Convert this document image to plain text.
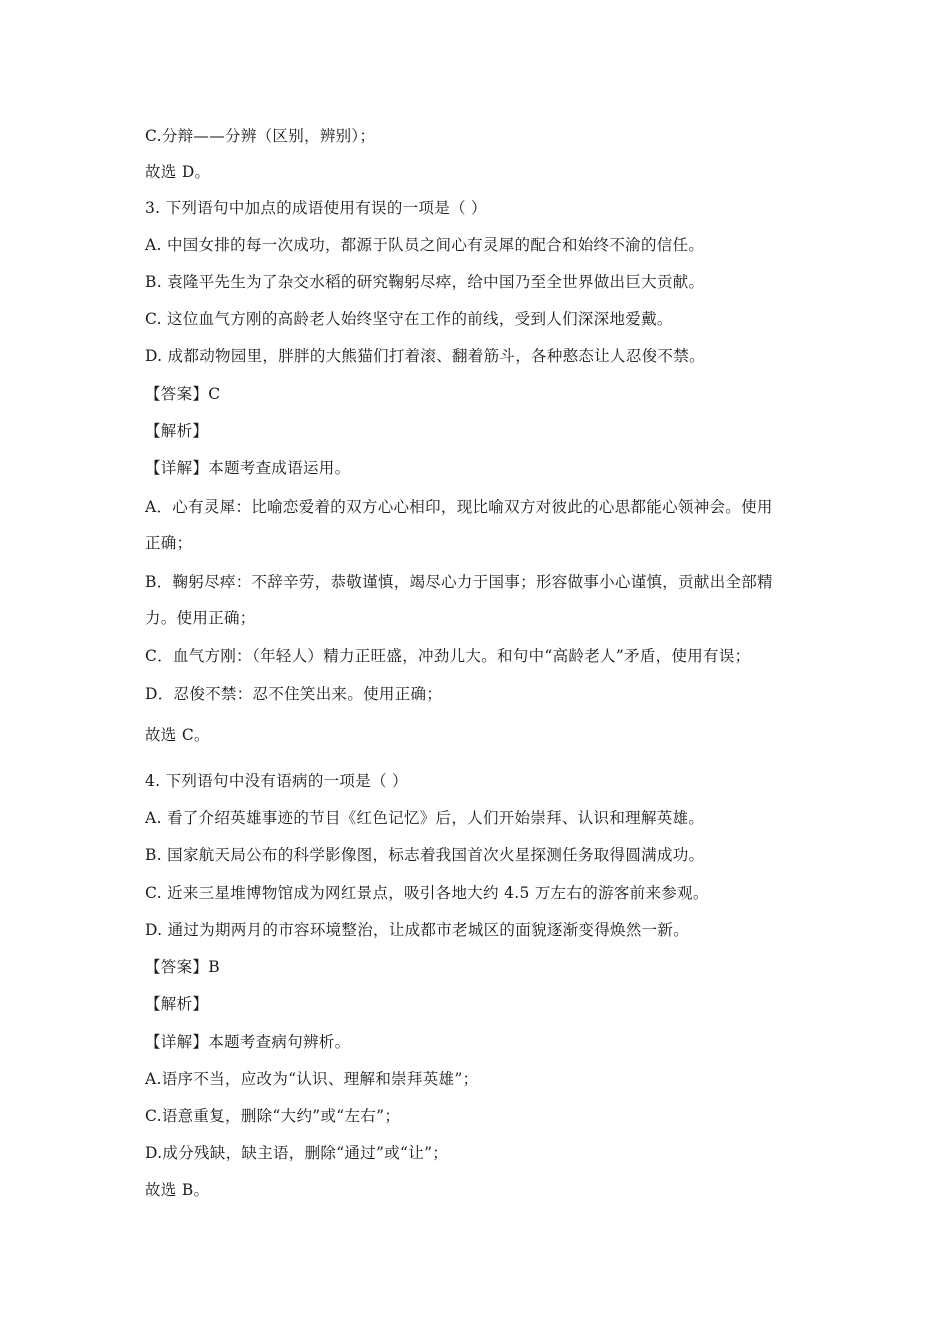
C.分辩——分辨（区别，辨别）；
故选 D。
3. 下列语句中加点的成语使用有误的一项是（ ）
A. 中国女排的每一次成功，都源于队员之间心有灵犀的配合和始终不渝的信任。
B. 袁隆平先生为了杂交水稻的研究鞠躬尽瘁，给中国乃至全世界做出巨大贡献。
C. 这位血气方刚的高龄老人始终坚守在工作的前线，受到人们深深地爱戴。
D. 成都动物园里，胖胖的大熊猫们打着滚、翻着筋斗，各种憨态让人忍俊不禁。
【答案】C
【解析】
【详解】本题考查成语运用。
A．心有灵犀：比喻恋爱着的双方心心相印，现比喻双方对彼此的心思都能心领神会。使用
正确；
B．鞠躬尽瘁：不辞辛劳，恭敬谨慎，竭尽心力于国事；形容做事小心谨慎，贡献出全部精
力。使用正确；
C．血气方刚：（年轻人）精力正旺盛，冲劲儿大。和句中“高龄老人”矛盾，使用有误；
D．忍俊不禁：忍不住笑出来。使用正确；
故选 C。
4. 下列语句中没有语病的一项是（ ）
A. 看了介绍英雄事迹的节目《红色记忆》后，人们开始崇拜、认识和理解英雄。
B. 国家航天局公布的科学影像图，标志着我国首次火星探测任务取得圆满成功。
C. 近来三星堆博物馆成为网红景点，吸引各地大约 4.5 万左右的游客前来参观。
D. 通过为期两月的市容环境整治，让成都市老城区的面貌逐渐变得焕然一新。
【答案】B
【解析】
【详解】本题考查病句辨析。
A.语序不当，应改为“认识、理解和崇拜英雄”；
C.语意重复，删除“大约”或“左右”；
D.成分残缺，缺主语，删除“通过”或“让”；
故选 B。
